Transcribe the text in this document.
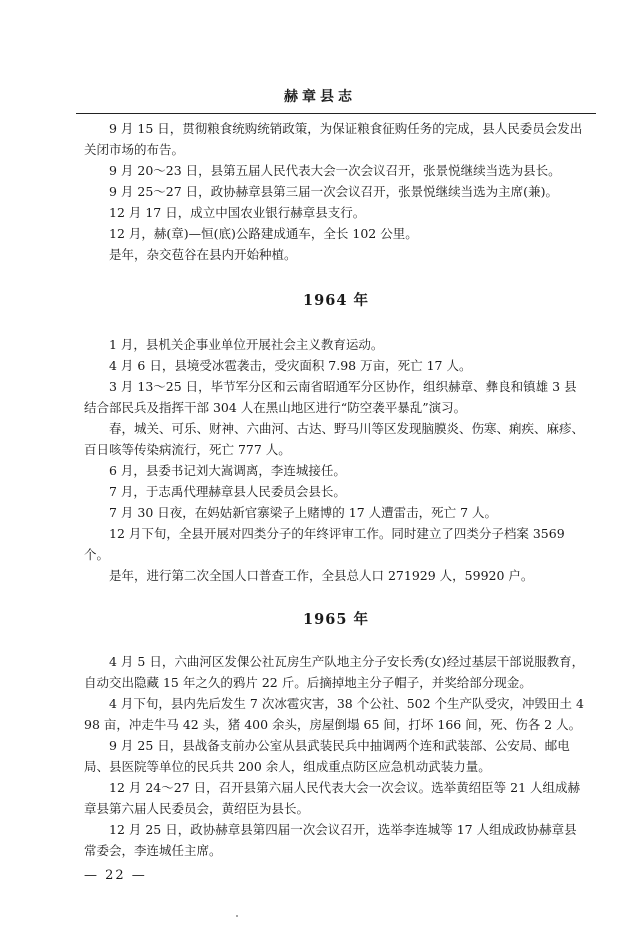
赫章县志

9 月 15 日，贯彻粮食统购统销政策，为保证粮食征购任务的完成，县人民委员会发出关闭市场的布告。

9 月 20～23 日，县第五届人民代表大会一次会议召开，张景悦继续当选为县长。

9 月 25～27 日，政协赫章县第三届一次会议召开，张景悦继续当选为主席(兼)。

12 月 17 日，成立中国农业银行赫章县支行。

12 月，赫(章)—恒(底)公路建成通车，全长 102 公里。

是年，杂交苞谷在县内开始种植。

1964 年

1 月，县机关企事业单位开展社会主义教育运动。

4 月 6 日，县境受冰雹袭击，受灾面积 7.98 万亩，死亡 17 人。

3 月 13～25 日，毕节军分区和云南省昭通军分区协作，组织赫章、彝良和镇雄 3 县结合部民兵及指挥干部 304 人在黑山地区进行“防空袭平暴乱”演习。

春，城关、可乐、财神、六曲河、古达、野马川等区发现脑膜炎、伤寒、痢疾、麻疹、百日咳等传染病流行，死亡 777 人。

6 月，县委书记刘大嵩调离，李连城接任。

7 月，于志禹代理赫章县人民委员会县长。

7 月 30 日夜，在妈姑新官寨梁子上赌博的 17 人遭雷击，死亡 7 人。

12 月下旬，全县开展对四类分子的年终评审工作。同时建立了四类分子档案 3569 个。

是年，进行第二次全国人口普查工作，全县总人口 271929 人，59920 户。

1965 年

4 月 5 日，六曲河区发倮公社瓦房生产队地主分子安长秀(女)经过基层干部说服教育，自动交出隐藏 15 年之久的鸦片 22 斤。后摘掉地主分子帽子，并奖给部分现金。

4 月下旬，县内先后发生 7 次冰雹灾害，38 个公社、502 个生产队受灾，冲毁田土 498 亩，冲走牛马 42 头，猪 400 余头，房屋倒塌 65 间，打坏 166 间，死、伤各 2 人。

9 月 25 日，县战备支前办公室从县武装民兵中抽调两个连和武装部、公安局、邮电局、县医院等单位的民兵共 200 余人，组成重点防区应急机动武装力量。

12 月 24～27 日，召开县第六届人民代表大会一次会议。选举黄绍臣等 21 人组成赫章县第六届人民委员会，黄绍臣为县长。

12 月 25 日，政协赫章县第四届一次会议召开，选举李连城等 17 人组成政协赫章县常委会，李连城任主席。

— 22 —
